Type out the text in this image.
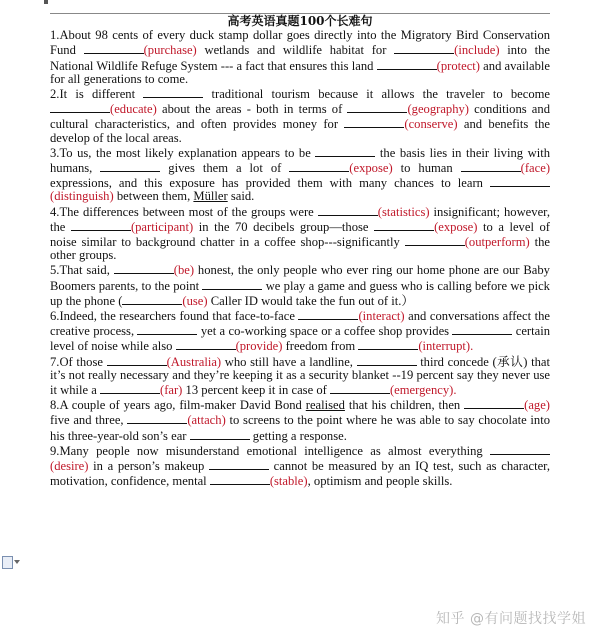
高考英语真题100个长难句

1.About 98 cents of every duck stamp dollar goes directly into the Migratory Bird Conservation Fund	(purchase) wetlands and wildlife habitat for	(include) into the National Wildlife Refuge System --- a fact that ensures this land	(protect) and available for all generations to come.

2.It is different	traditional tourism because it allows the traveler to become (educate) about the areas - both in terms of	(geography) conditions and cultural characteristics, and often provides money for	(conserve) and benefits the develop of the local areas.

3.To us, the most likely explanation appears to be	the basis lies in their living with humans,	gives them a lot of	(expose) to human	(face) expressions, and this exposure has provided them with many chances to learn (distinguish) between them, Müller said.

4.The differences between most of the groups were	(statistics) insignificant; however, the	(participant) in the 70 decibels group—those	(expose) to a level of noise similar to background chatter in a coffee shop---significantly	(outperform) the other groups.

5.That said,	(be) honest, the only people who ever ring our home phone are our Baby Boomers parents, to the point	we play a game and guess who is calling before we pick up the phone (	(use) Caller ID would take the fun out of it.）

6.Indeed, the researchers found that face-to-face	(interact) and conversations affect the creative process,	yet a co-working space or a coffee shop provides	certain level of noise while also	(provide) freedom from	(interrupt).

7.Of those	(Australia) who still have a landline,	third concede (承认) that it’s not really necessary and they’re keeping it as a security blanket --19 percent say they never use it while a	(far) 13 percent keep it in case of	(emergency).

8.A couple of years ago, film-maker David Bond realised that his children, then	(age) five and three,	(attach) to screens to the point where he was able to say chocolate into his three-year-old son’s ear	getting a response.

9.Many people now misunderstand emotional intelligence as almost everything (desire) in a person’s makeup	cannot be measured by an IQ test, such as character, motivation, confidence, mental	(stable), optimism and people skills.

知乎 @有问题找找学姐
